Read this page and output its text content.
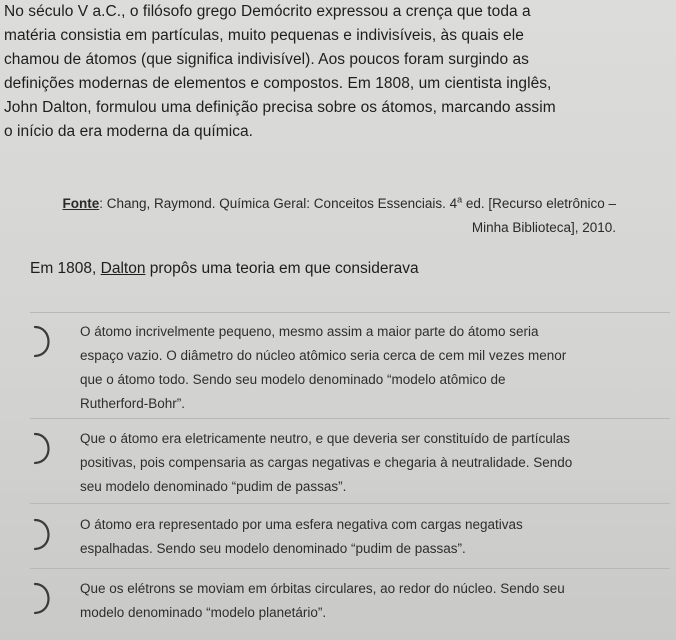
No século V a.C., o filósofo grego Demócrito expressou a crença que toda a
matéria consistia em partículas, muito pequenas e indivisíveis, às quais ele
chamou de átomos (que significa indivisível). Aos poucos foram surgindo as
definições modernas de elementos e compostos. Em 1808, um cientista inglês,
John Dalton, formulou uma definição precisa sobre os átomos, marcando assim
o início da era moderna da química.
Fonte: Chang, Raymond. Química Geral: Conceitos Essenciais. 4$^a$ ed. [Recurso eletrônico –
Minha Biblioteca], 2010.
Em 1808, Dalton propôs uma teoria em que considerava
O átomo incrivelmente pequeno, mesmo assim a maior parte do átomo seria
espaço vazio. O diâmetro do núcleo atômico seria cerca de cem mil vezes menor
que o átomo todo. Sendo seu modelo denominado “modelo atômico de
Rutherford-Bohr”.
Que o átomo era eletricamente neutro, e que deveria ser constituído de partículas
positivas, pois compensaria as cargas negativas e chegaria à neutralidade. Sendo
seu modelo denominado “pudim de passas”.
O átomo era representado por uma esfera negativa com cargas negativas
espalhadas. Sendo seu modelo denominado “pudim de passas”.
Que os elétrons se moviam em órbitas circulares, ao redor do núcleo. Sendo seu
modelo denominado “modelo planetário”.
